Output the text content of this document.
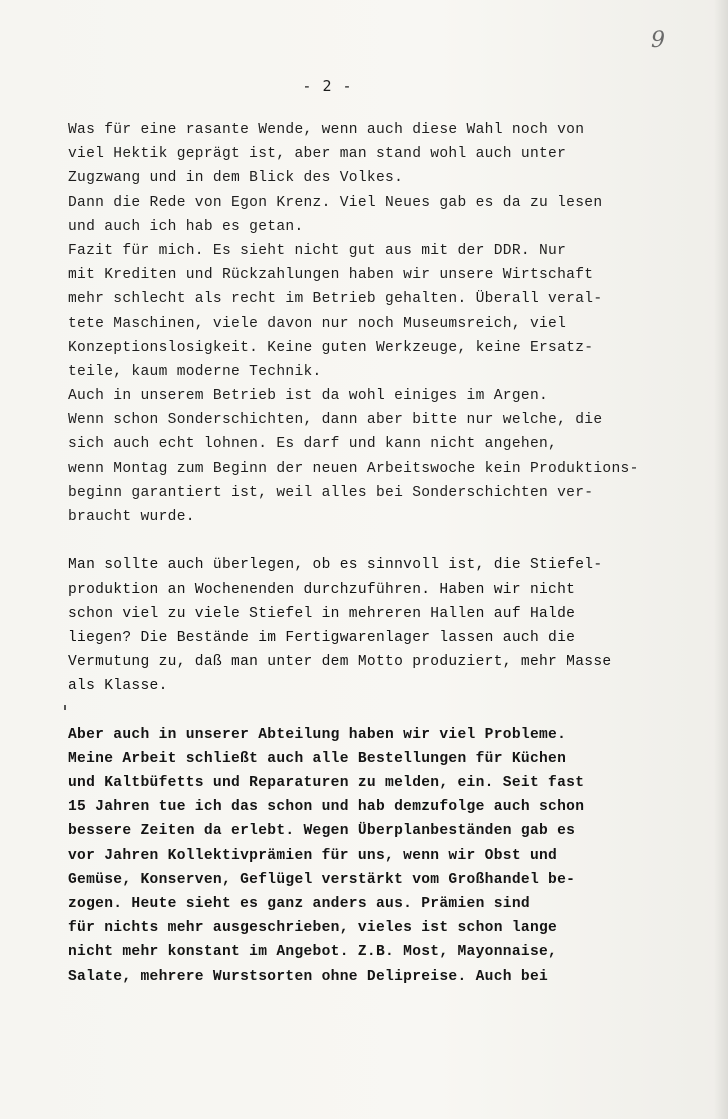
9
- 2 -
Was für eine rasante Wende, wenn auch diese Wahl noch von
viel Hektik geprägt ist, aber man stand wohl auch unter
Zugzwang und in dem Blick des Volkes.
Dann die Rede von Egon Krenz. Viel Neues gab es da zu lesen
und auch ich hab es getan.
Fazit für mich. Es sieht nicht gut aus mit der DDR. Nur
mit Krediten und Rückzahlungen haben wir unsere Wirtschaft
mehr schlecht als recht im Betrieb gehalten. Überall veral-
tete Maschinen, viele davon nur noch Museumsreich, viel
Konzeptionslosigkeit. Keine guten Werkzeuge, keine Ersatz-
teile, kaum moderne Technik.
Auch in unserem Betrieb ist da wohl einiges im Argen.
Wenn schon Sonderschichten, dann aber bitte nur welche, die
sich auch echt lohnen. Es darf und kann nicht angehen,
wenn Montag zum Beginn der neuen Arbeitswoche kein Produktions-
beginn garantiert ist, weil alles bei Sonderschichten ver-
braucht wurde.
Man sollte auch überlegen, ob es sinnvoll ist, die Stiefel-
produktion an Wochenenden durchzuführen. Haben wir nicht
schon viel zu viele Stiefel in mehreren Hallen auf Halde
liegen? Die Bestände im Fertigwarenlager lassen auch die
Vermutung zu, daß man unter dem Motto produziert, mehr Masse
als Klasse.
Aber auch in unserer Abteilung haben wir viel Probleme.
Meine Arbeit schließt auch alle Bestellungen für Küchen
und Kaltbüfetts und Reparaturen zu melden, ein. Seit fast
15 Jahren tue ich das schon und hab demzufolge auch schon
bessere Zeiten da erlebt. Wegen Überplanbeständen gab es
vor Jahren Kollektivprämien für uns, wenn wir Obst und
Gemüse, Konserven, Geflügel verstärkt vom Großhandel be-
zogen. Heute sieht es ganz anders aus. Prämien sind
für nichts mehr ausgeschrieben, vieles ist schon lange
nicht mehr konstant im Angebot. Z.B. Most, Mayonnaise,
Salate, mehrere Wurstsorten ohne Delipreise. Auch bei
